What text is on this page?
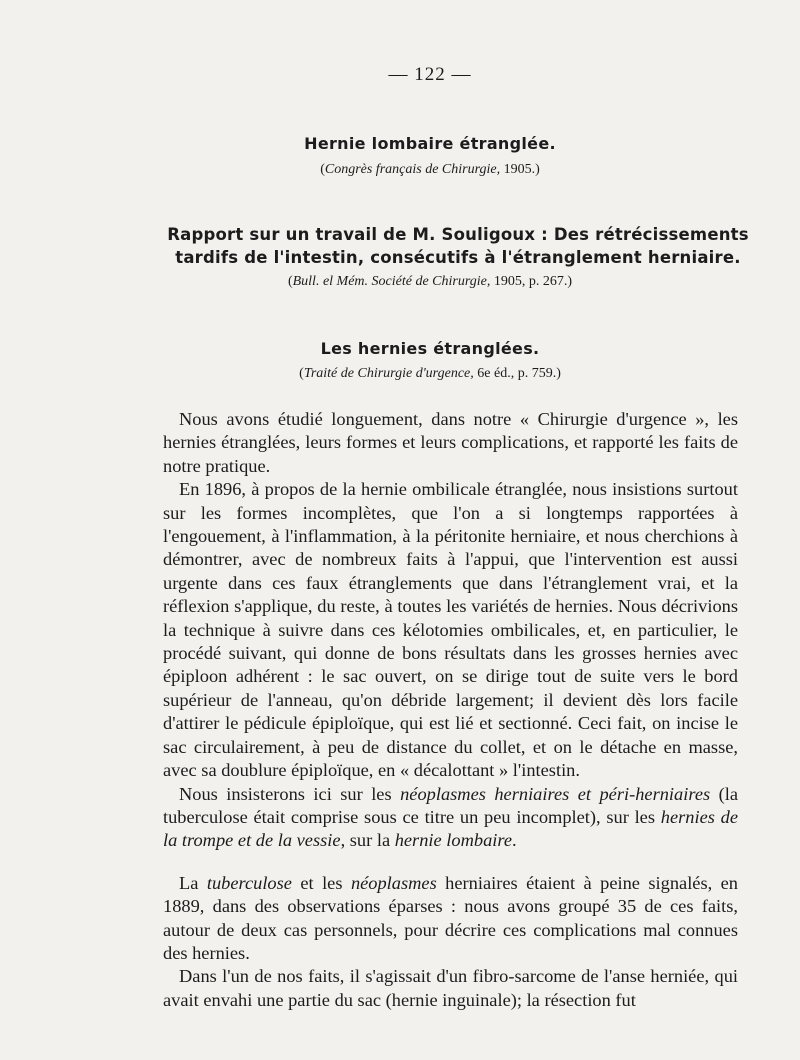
— 122 —
Hernie lombaire étranglée.
(Congrès français de Chirurgie, 1905.)
Rapport sur un travail de M. Souligoux : Des rétrécissements
tardifs de l'intestin, consécutifs à l'étranglement herniaire.
(Bull. el Mém. Société de Chirurgie, 1905, p. 267.)
Les hernies étranglées.
(Traité de Chirurgie d'urgence, 6e éd., p. 759.)

Nous avons étudié longuement, dans notre « Chirurgie d'urgence », les hernies étranglées, leurs formes et leurs complications, et rapporté les faits de notre pratique.

En 1896, à propos de la hernie ombilicale étranglée, nous insistions surtout sur les formes incomplètes, que l'on a si longtemps rapportées à l'engouement, à l'inflammation, à la péritonite herniaire, et nous cherchions à démontrer, avec de nombreux faits à l'appui, que l'intervention est aussi urgente dans ces faux étranglements que dans l'étranglement vrai, et la réflexion s'applique, du reste, à toutes les variétés de hernies. Nous décrivions la technique à suivre dans ces kélotomies ombilicales, et, en particulier, le procédé suivant, qui donne de bons résultats dans les grosses hernies avec épiploon adhérent : le sac ouvert, on se dirige tout de suite vers le bord supérieur de l'anneau, qu'on débride largement; il devient dès lors facile d'attirer le pédicule épiploïque, qui est lié et sectionné. Ceci fait, on incise le sac circulairement, à peu de distance du collet, et on le détache en masse, avec sa doublure épiploïque, en « décalottant » l'intestin.

Nous insisterons ici sur les néoplasmes herniaires et péri-herniaires (la tuberculose était comprise sous ce titre un peu incomplet), sur les hernies de la trompe et de la vessie, sur la hernie lombaire.

La tuberculose et les néoplasmes herniaires étaient à peine signalés, en 1889, dans des observations éparses : nous avons groupé 35 de ces faits, autour de deux cas personnels, pour décrire ces complications mal connues des hernies.

Dans l'un de nos faits, il s'agissait d'un fibro-sarcome de l'anse herniée, qui avait envahi une partie du sac (hernie inguinale); la résection fut
